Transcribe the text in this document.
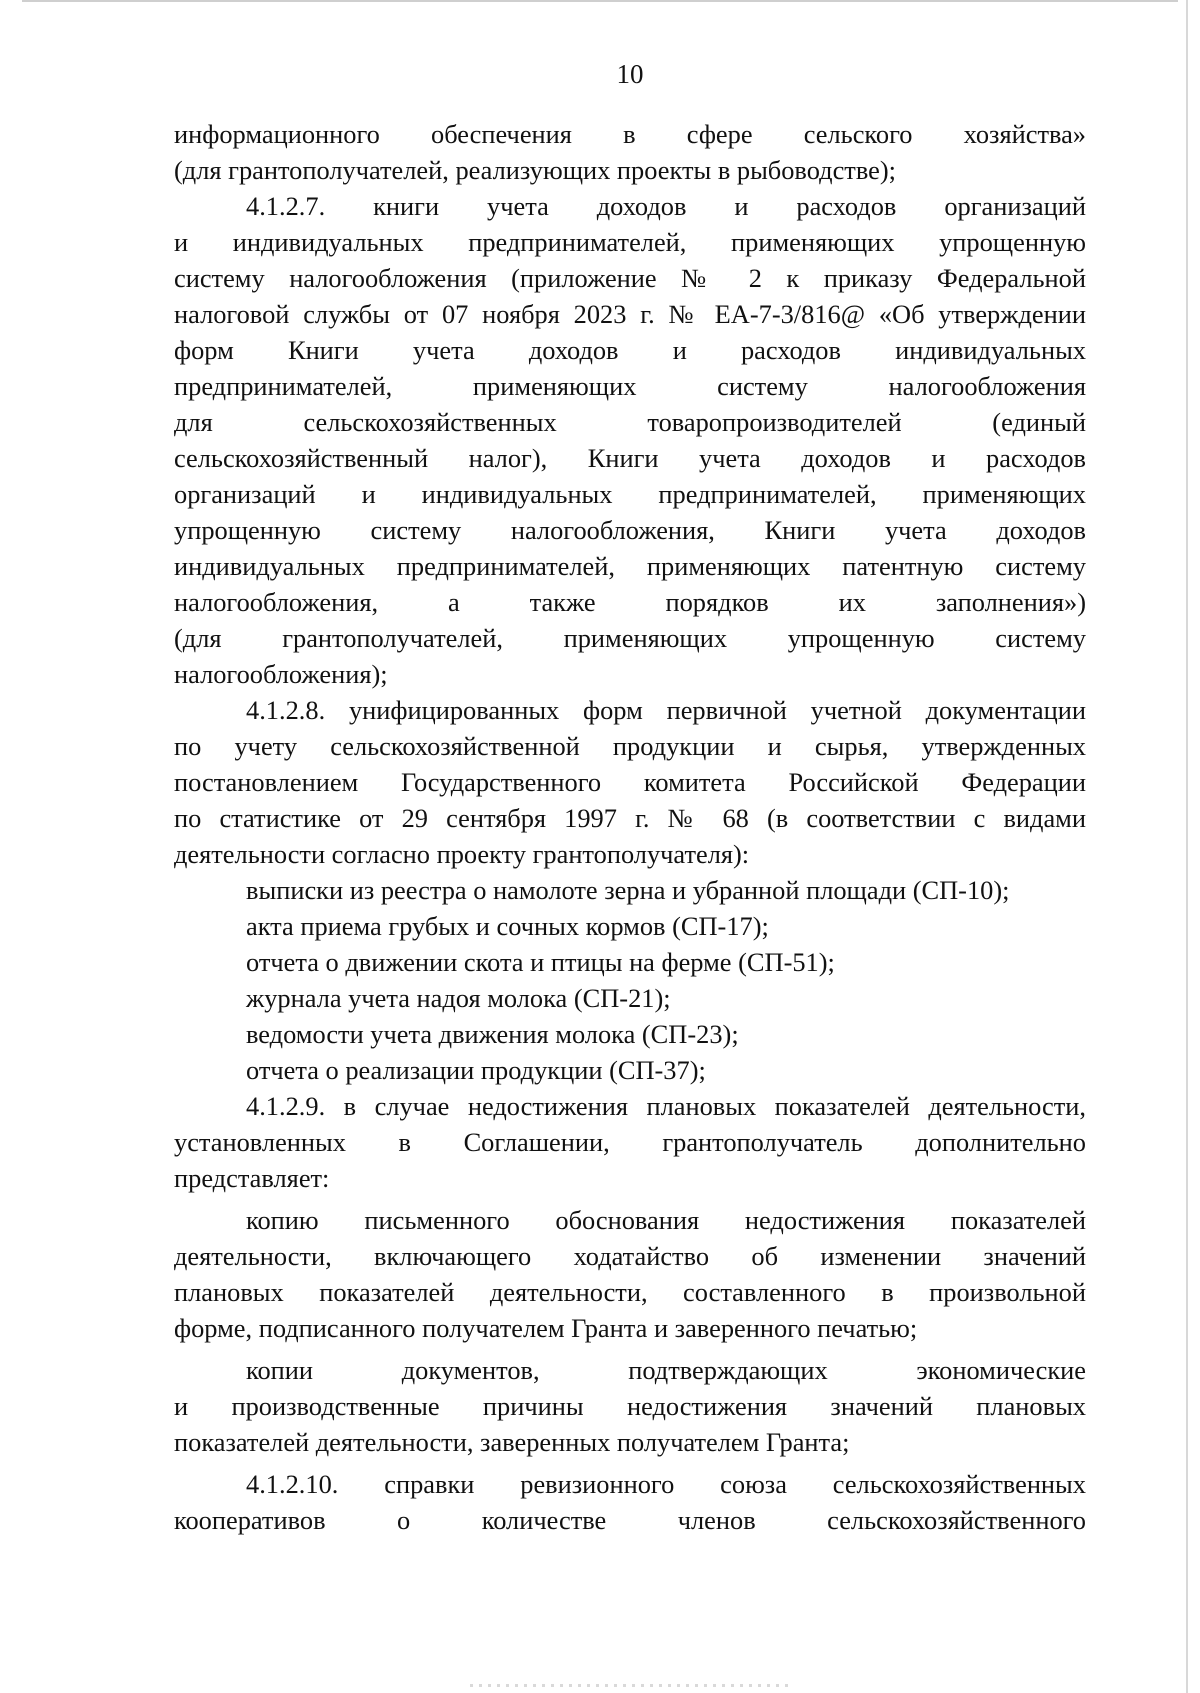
10

информационного обеспечения в сфере сельского хозяйства»
(для грантополучателей, реализующих проекты в рыбоводстве);

4.1.2.7. книги учета доходов и расходов организаций
и индивидуальных предпринимателей, применяющих упрощенную
систему налогообложения (приложение № 2 к приказу Федеральной
налоговой службы от 07 ноября 2023 г. № ЕА-7-3/816@ «Об утверждении
форм Книги учета доходов и расходов индивидуальных
предпринимателей, применяющих систему налогообложения
для сельскохозяйственных товаропроизводителей (единый
сельскохозяйственный налог), Книги учета доходов и расходов
организаций и индивидуальных предпринимателей, применяющих
упрощенную систему налогообложения, Книги учета доходов
индивидуальных предпринимателей, применяющих патентную систему
налогообложения, а также порядков их заполнения»)
(для грантополучателей, применяющих упрощенную систему
налогообложения);

4.1.2.8. унифицированных форм первичной учетной документации
по учету сельскохозяйственной продукции и сырья, утвержденных
постановлением Государственного комитета Российской Федерации
по статистике от 29 сентября 1997 г. № 68 (в соответствии с видами
деятельности согласно проекту грантополучателя):

выписки из реестра о намолоте зерна и убранной площади (СП-10);
акта приема грубых и сочных кормов (СП-17);
отчета о движении скота и птицы на ферме (СП-51);
журнала учета надоя молока (СП-21);
ведомости учета движения молока (СП-23);
отчета о реализации продукции (СП-37);

4.1.2.9. в случае недостижения плановых показателей деятельности,
установленных в Соглашении, грантополучатель дополнительно
представляет:

копию письменного обоснования недостижения показателей
деятельности, включающего ходатайство об изменении значений
плановых показателей деятельности, составленного в произвольной
форме, подписанного получателем Гранта и заверенного печатью;

копии документов, подтверждающих экономические
и производственные причины недостижения значений плановых
показателей деятельности, заверенных получателем Гранта;

4.1.2.10. справки ревизионного союза сельскохозяйственных
кооперативов о количестве членов сельскохозяйственного
